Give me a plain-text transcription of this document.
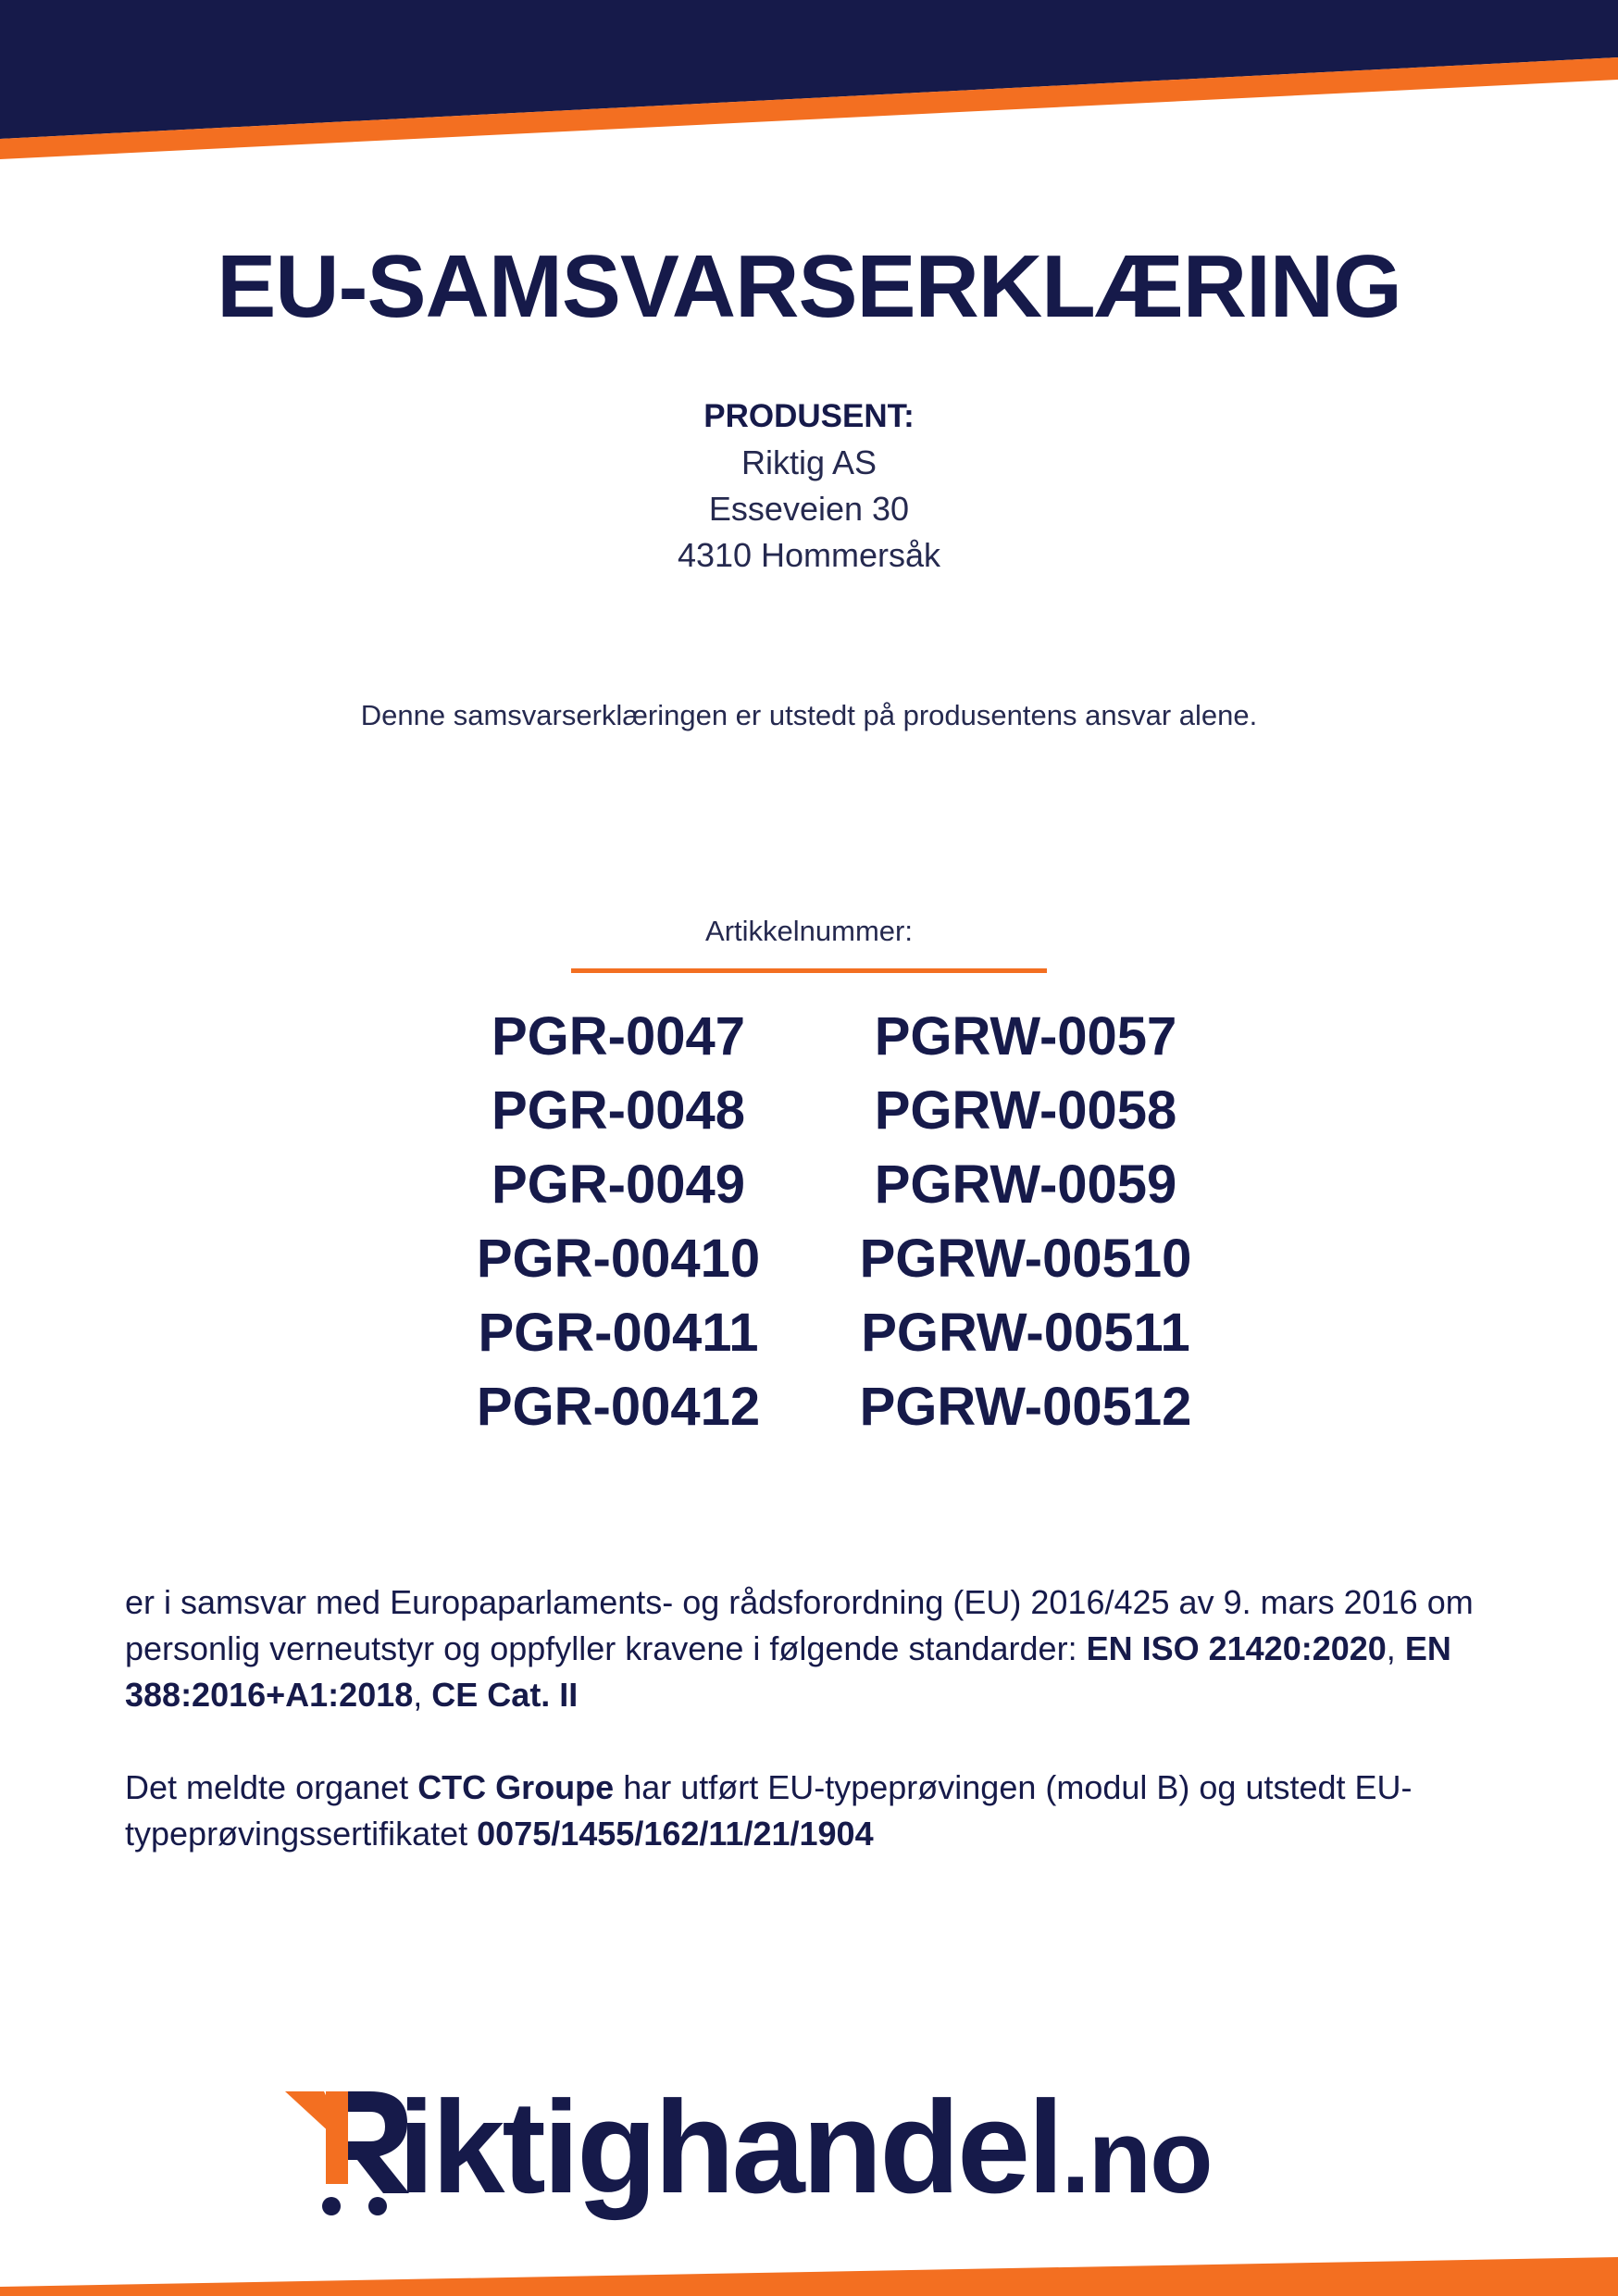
EU-SAMSVARSERKLÆRING
PRODUSENT:
Riktig AS
Esseveien 30
4310 Hommersåk
Denne samsvarserklæringen er utstedt på produsentens ansvar alene.
Artikkelnummer:
PGR-0047
PGR-0048
PGR-0049
PGR-00410
PGR-00411
PGR-00412
PGRW-0057
PGRW-0058
PGRW-0059
PGRW-00510
PGRW-00511
PGRW-00512

er i samsvar med Europaparlaments- og rådsforordning (EU) 2016/425 av 9. mars 2016 om personlig verneutstyr og oppfyller kravene i følgende standarder: EN ISO 21420:2020, EN 388:2016+A1:2018, CE Cat. II

Det meldte organet CTC Groupe har utført EU-typeprøvingen (modul B) og utstedt EU-typeprøvingssertifikatet 0075/1455/162/11/21/1904

iktighandel.no
